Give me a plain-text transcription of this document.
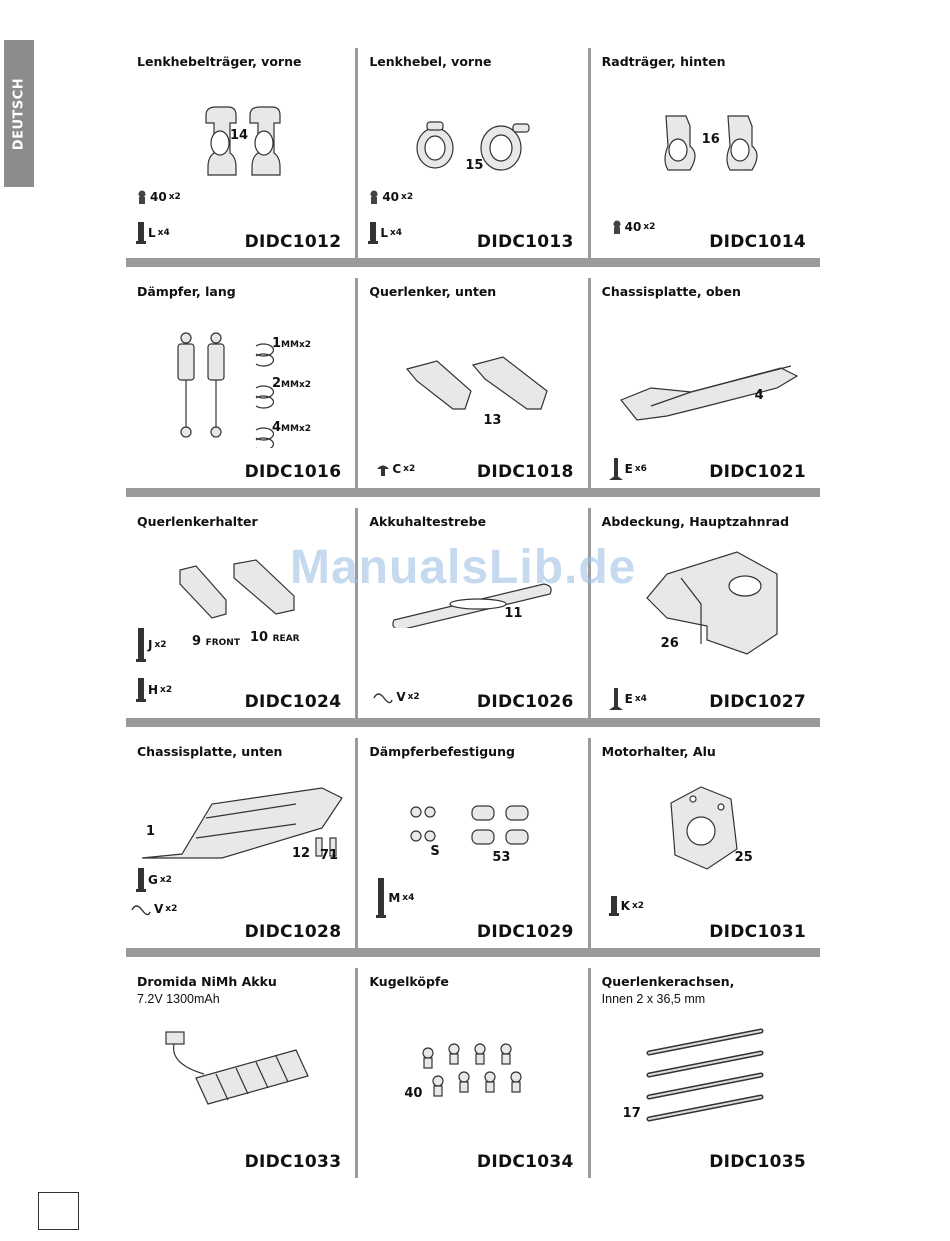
DEUTSCH
Lenkhebelträger, vorne
14
40 x2
L x4	DIDC1012
Lenkhebel, vorne
15
40 x2
L x4	DIDC1013
Radträger, hinten
16
40 x2
DIDC1014
Dämpfer, lang
1MMx2
2MMx2
4MMx2
DIDC1016
Querlenker, unten
13
C x2	DIDC1018
Chassisplatte, oben
4
E x6	DIDC1021
Querlenkerhalter
9 FRONT 10 REAR
J x2
H x2
DIDC1024
Akkuhaltestrebe
11
V x2	DIDC1026
Abdeckung, Hauptzahnrad
26
E x4	DIDC1027
Chassisplatte, unten
1
12 71
G x2
V x2
DIDC1028
Dämpferbefestigung
S	53
M x4
DIDC1029
Motorhalter, Alu
25
K x2
DIDC1031
Dromida NiMh Akku
7.2V 1300mAh
DIDC1033
Kugelköpfe
40
DIDC1034
Querlenkerachsen,
Innen 2 x 36,5 mm
17
DIDC1035
ManualsLib.de
